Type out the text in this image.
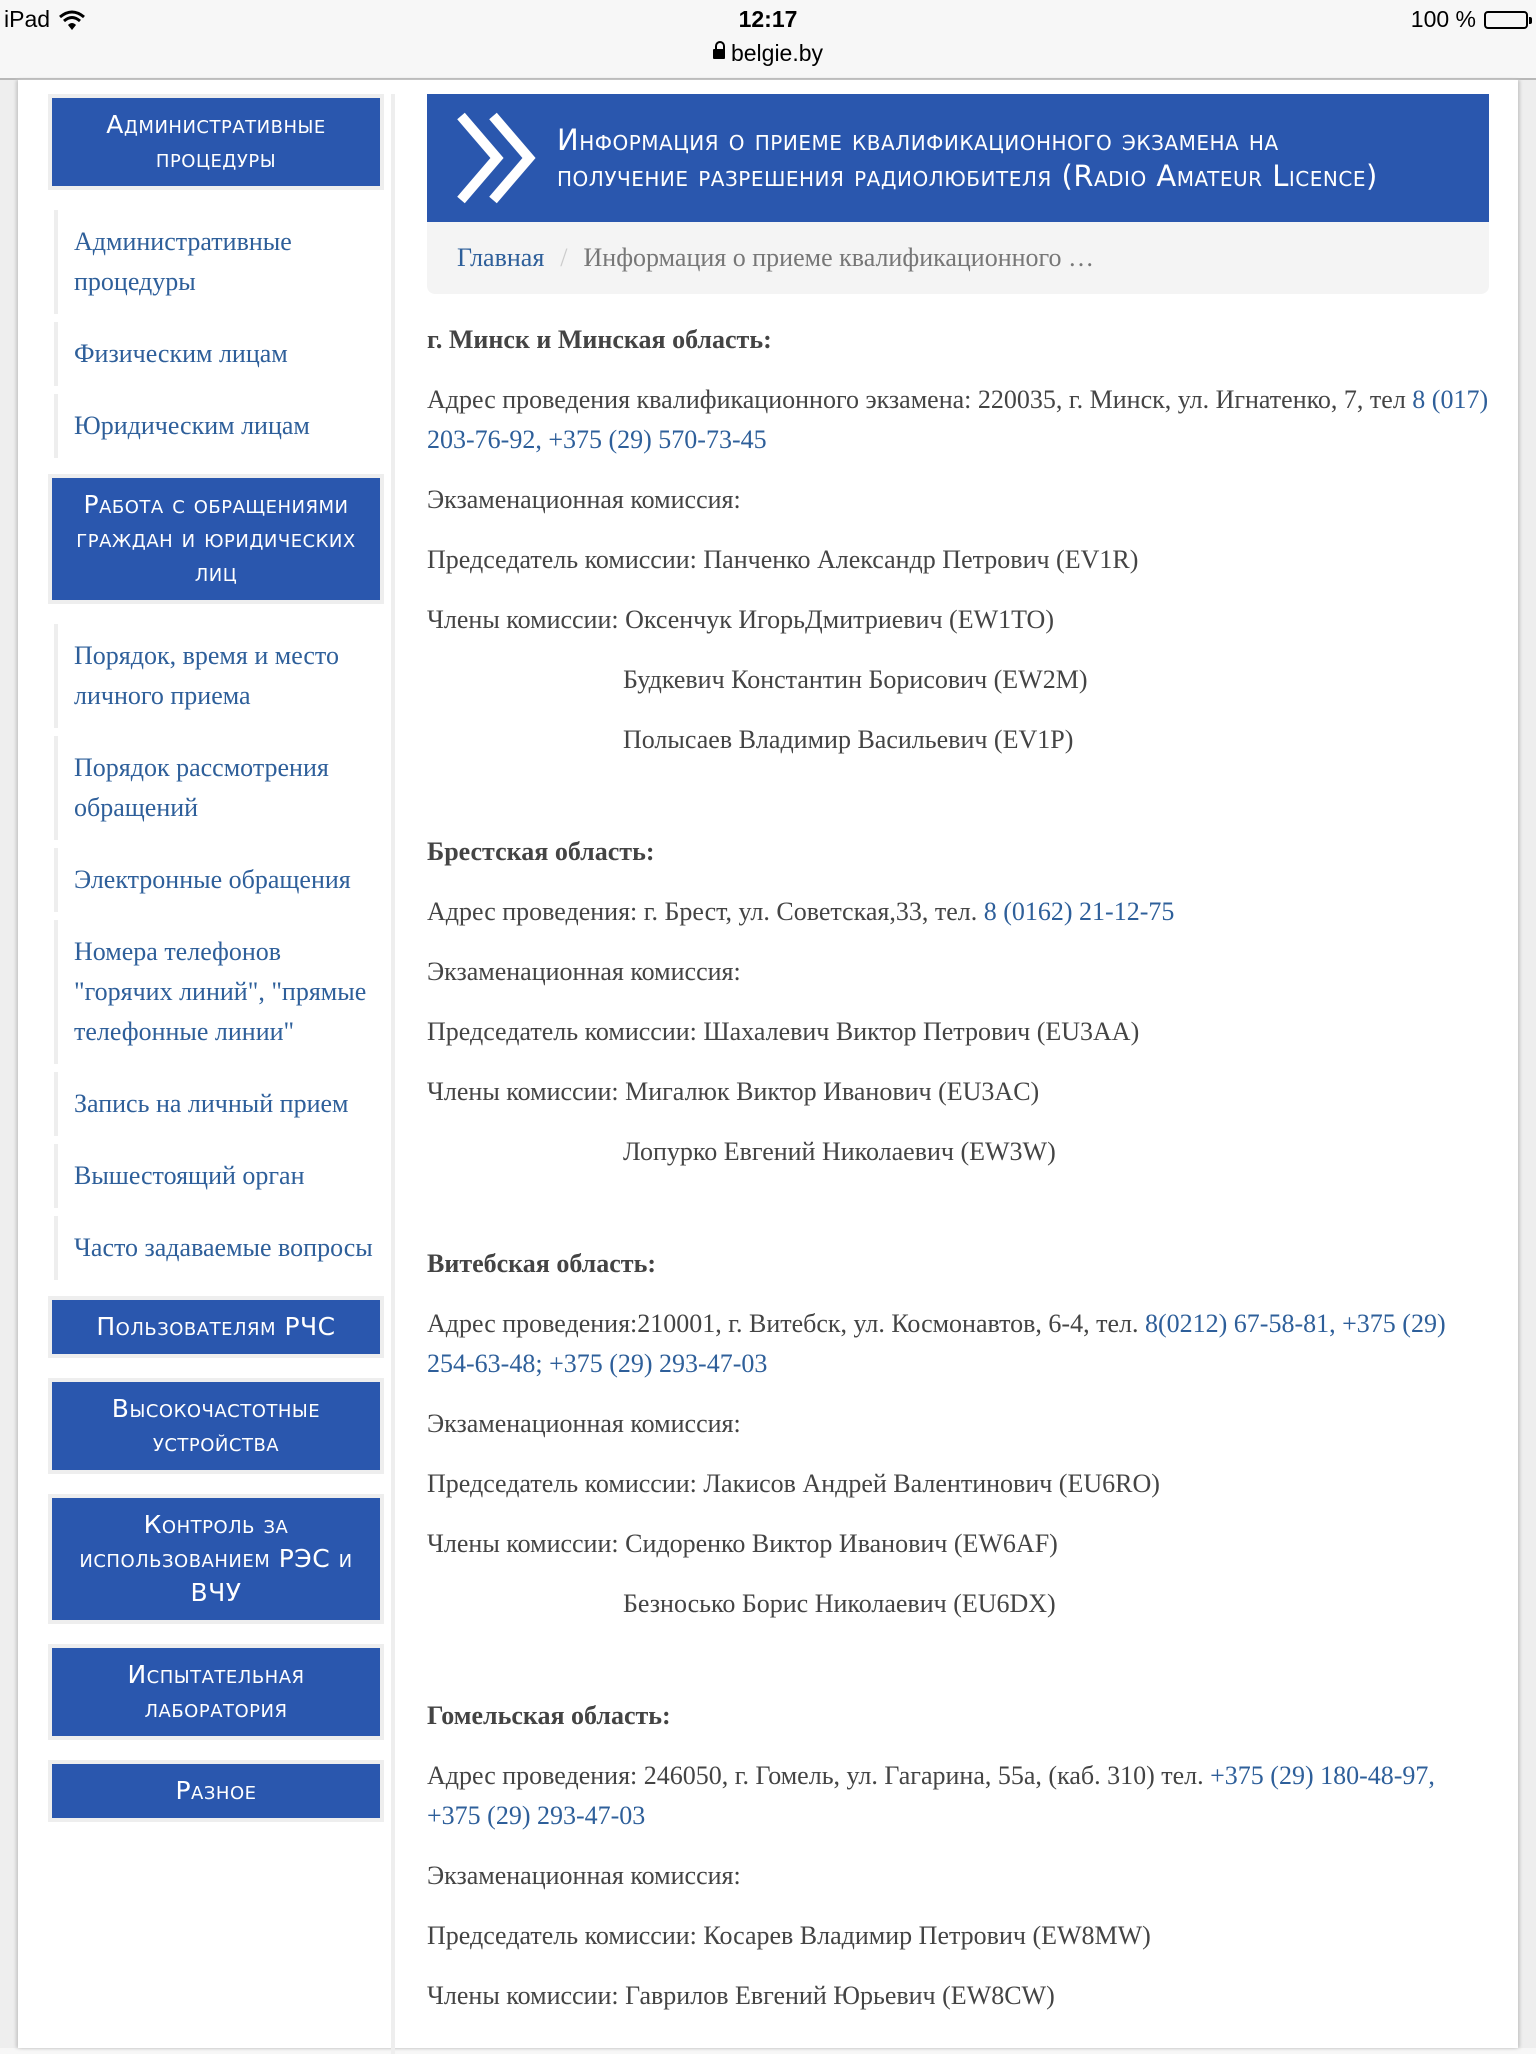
iPad	12:17	100 %
belgie.by
Административные процедуры
Административные процедуры
Физическим лицам
Юридическим лицам
Работа с обращениями граждан и юридических лиц
Порядок, время и место личного приема
Порядок рассмотрения обращений
Электронные обращения
Номера телефонов "горячих линий", "прямые телефонные линии"
Запись на личный прием
Вышестоящий орган
Часто задаваемые вопросы
Пользователям РЧС
Высокочастотные устройства
Контроль за использованием РЭС и ВЧУ
Испытательная лаборатория
Разное
Информация о приеме квалификационного экзамена на получение разрешения радиолюбителя (Radio Amateur Licence)
Главная / Информация о приеме квалификационного …

г. Минск и Минская область:

Адрес проведения квалификационного экзамена: 220035, г. Минск, ул. Игнатенко, 7, тел 8 (017) 203-76-92, +375 (29) 570-73-45

Экзаменационная комиссия:

Председатель комиссии: Панченко Александр Петрович (EV1R)

Члены комиссии: Оксенчук ИгорьДмитриевич (EW1TO)

Будкевич Константин Борисович (EW2M)

Полысаев Владимир Васильевич (EV1P)

Брестская область:

Адрес проведения: г. Брест, ул. Советская,33, тел. 8 (0162) 21-12-75

Экзаменационная комиссия:

Председатель комиссии: Шахалевич Виктор Петрович (EU3AA)

Члены комиссии: Мигалюк Виктор Иванович (EU3AC)

Лопурко Евгений Николаевич (EW3W)

Витебская область:

Адрес проведения:210001, г. Витебск, ул. Космонавтов, 6-4, тел. 8(0212) 67-58-81, +375 (29) 254-63-48; +375 (29) 293-47-03

Экзаменационная комиссия:

Председатель комиссии: Лакисов Андрей Валентинович (EU6RO)

Члены комиссии: Сидоренко Виктор Иванович (EW6AF)

Безносько Борис Николаевич (EU6DX)

Гомельская область:

Адрес проведения: 246050, г. Гомель, ул. Гагарина, 55а, (каб. 310) тел. +375 (29) 180-48-97, +375 (29) 293-47-03

Экзаменационная комиссия:

Председатель комиссии: Косарев Владимир Петрович (EW8MW)

Члены комиссии: Гаврилов Евгений Юрьевич (EW8CW)
